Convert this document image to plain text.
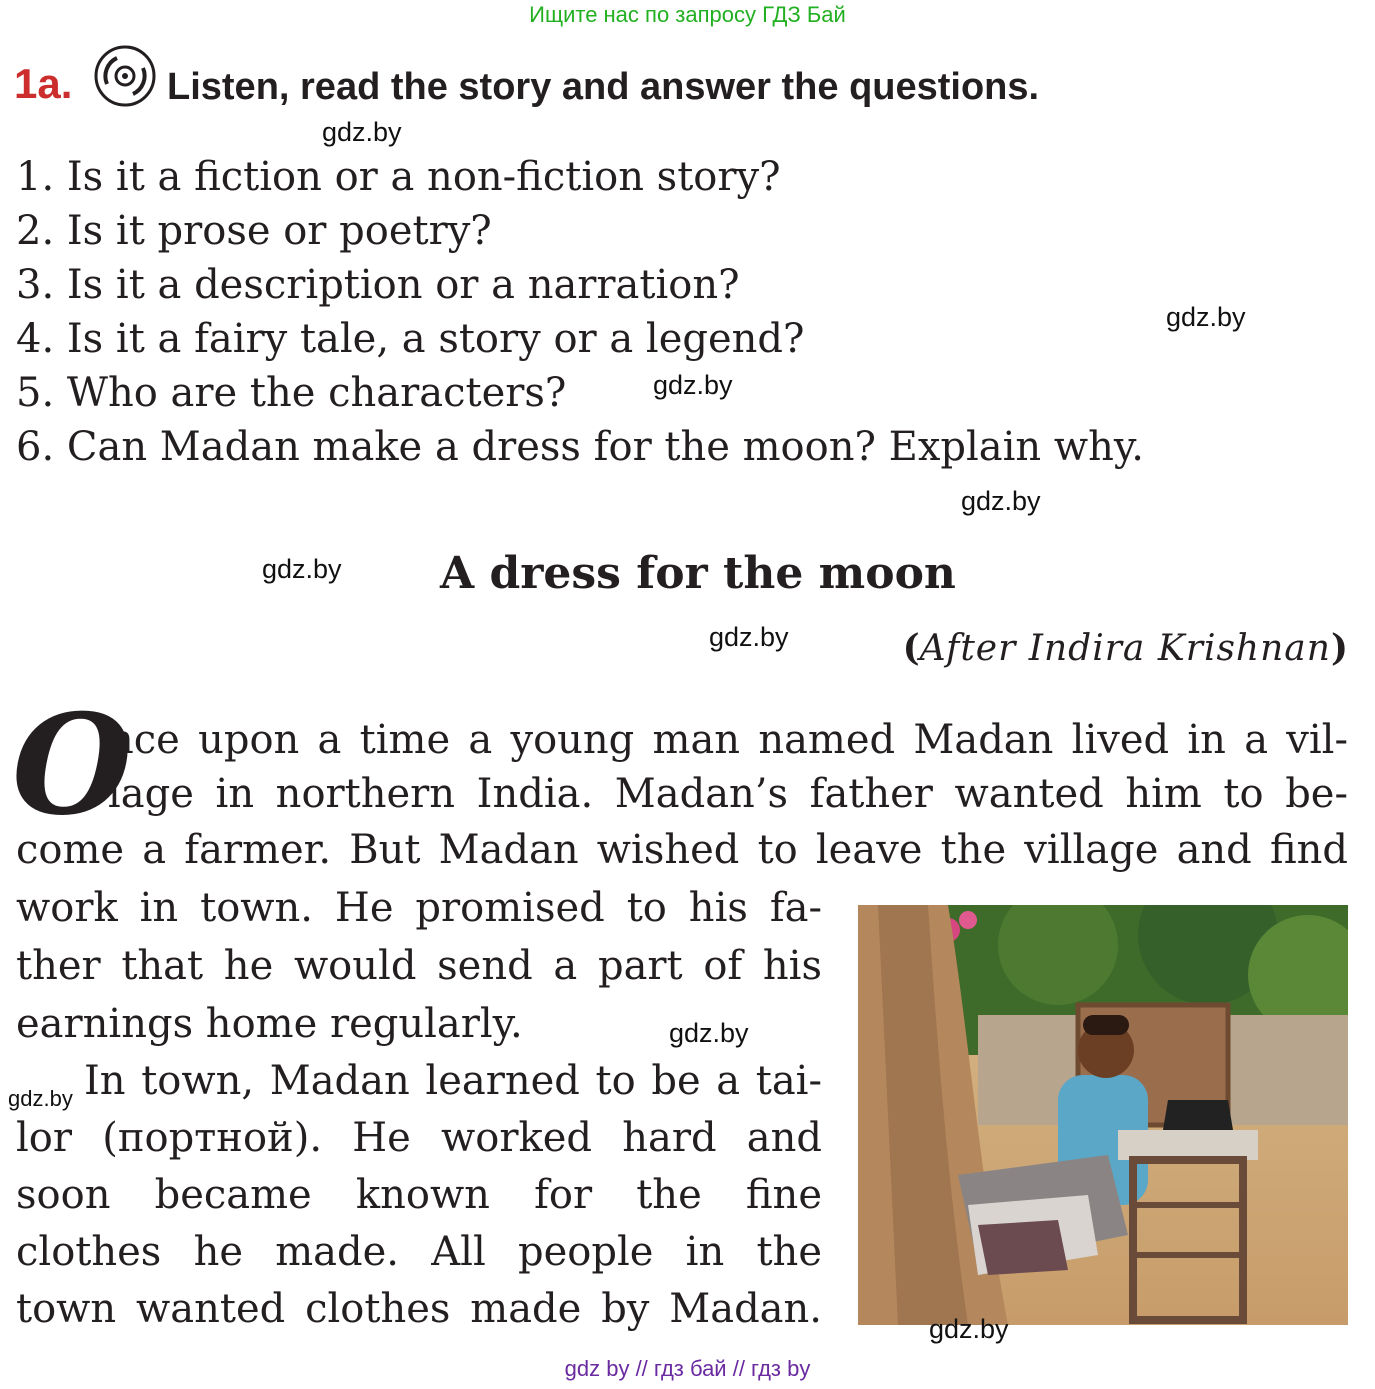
Ищите нас по запросу ГДЗ Бай
1a. Listen, read the story and answer the questions.
1. Is it a fiction or a non-fiction story?
2. Is it prose or poetry?
3. Is it a description or a narration?
4. Is it a fairy tale, a story or a legend?
5. Who are the characters?
6. Can Madan make a dress for the moon? Explain why.
A dress for the moon
(After Indira Krishnan)
O
nce upon a time a young man named Madan lived in a vil-
lage in northern India. Madan’s father wanted him to be-
come a farmer. But Madan wished to leave the village and find
work in town. He promised to his fa-
ther that he would send a part of his
earnings home regularly.
In town, Madan learned to be a tai-
lor (портной). He worked hard and
soon became known for the fine
clothes he made. All people in the
town wanted clothes made by Madan.
gdz.by
gdz.by
gdz.by
gdz.by
gdz.by
gdz.by
gdz.by
gdz.by
gdz.by
gdz by // гдз бай // гдз by
